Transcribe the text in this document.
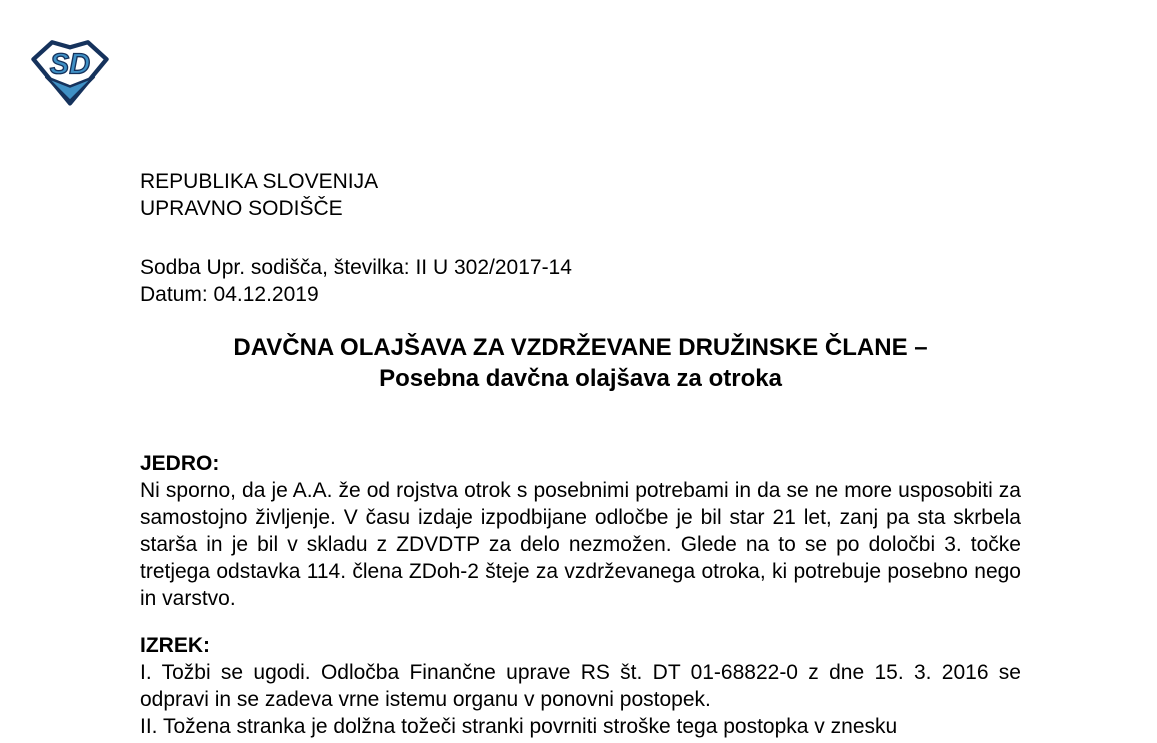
SD

REPUBLIKA SLOVENIJA

UPRAVNO SODIŠČE

Sodba Upr. sodišča, številka: II U 302/2017-14

Datum: 04.12.2019

DAVČNA OLAJŠAVA ZA VZDRŽEVANE DRUŽINSKE ČLANE –
Posebna davčna olajšava za otroka

JEDRO:

Ni sporno, da je A.A. že od rojstva otrok s posebnimi potrebami in da se ne more usposobiti za samostojno življenje. V času izdaje izpodbijane odločbe je bil star 21 let, zanj pa sta skrbela starša in je bil v skladu z ZDVDTP za delo nezmožen. Glede na to se po določbi 3. točke tretjega odstavka 114. člena ZDoh-2 šteje za vzdrževanega otroka, ki potrebuje posebno nego in varstvo.

IZREK:

I. Tožbi se ugodi. Odločba Finančne uprave RS št. DT 01-68822-0 z dne 15. 3. 2016 se odpravi in se zadeva vrne istemu organu v ponovni postopek.

II. Tožena stranka je dolžna tožeči stranki povrniti stroške tega postopka v znesku
